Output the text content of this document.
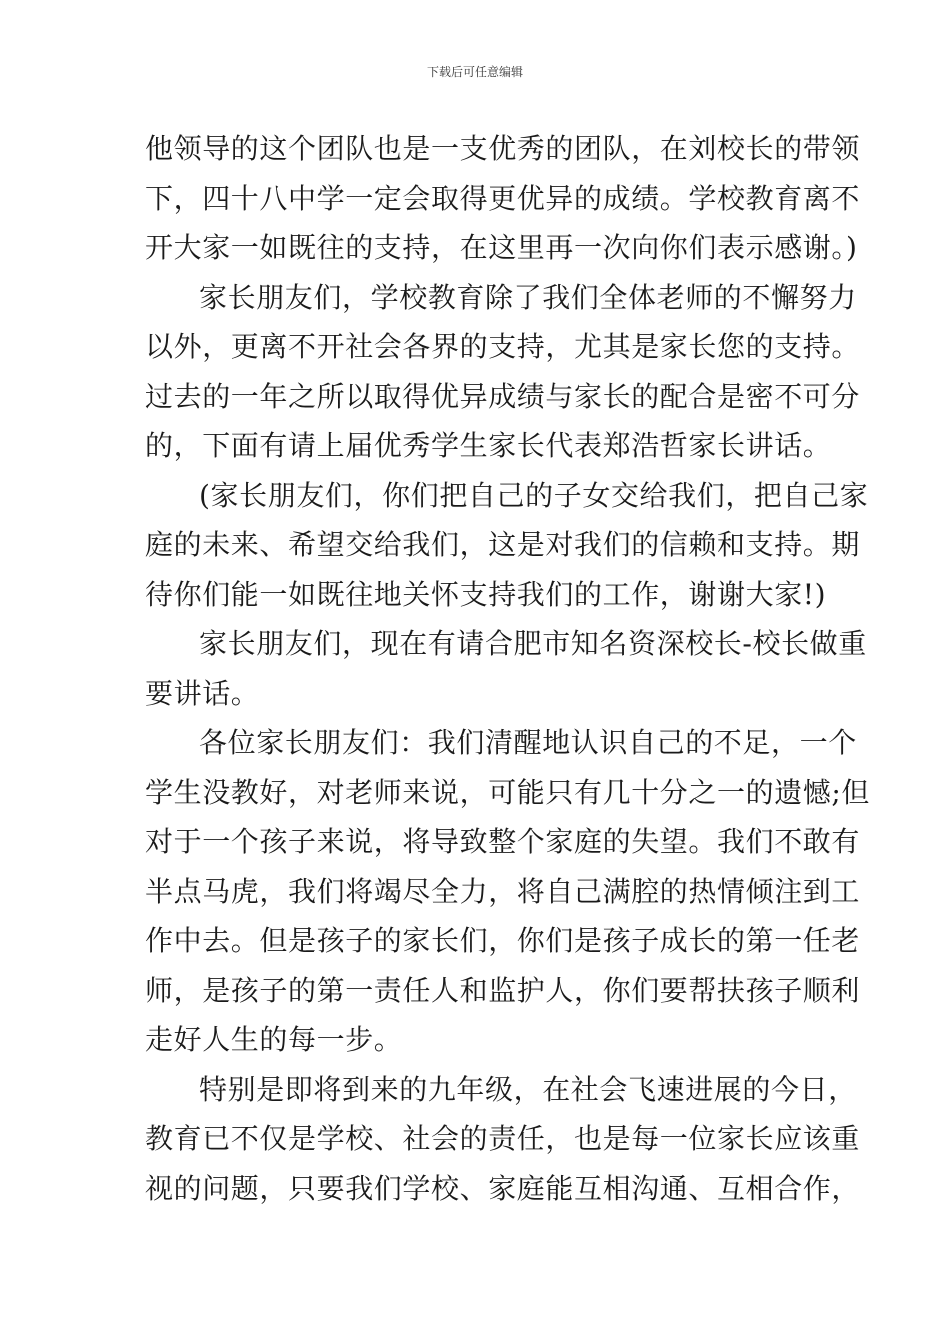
下载后可任意编辑
他领导的这个团队也是一支优秀的团队，在刘校长的带领
下，四十八中学一定会取得更优异的成绩。学校教育离不
开大家一如既往的支持，在这里再一次向你们表示感谢。)
家长朋友们，学校教育除了我们全体老师的不懈努力
以外，更离不开社会各界的支持，尤其是家长您的支持。
过去的一年之所以取得优异成绩与家长的配合是密不可分
的，下面有请上届优秀学生家长代表郑浩哲家长讲话。
(家长朋友们，你们把自己的子女交给我们，把自己家
庭的未来、希望交给我们，这是对我们的信赖和支持。期
待你们能一如既往地关怀支持我们的工作，谢谢大家!)
家长朋友们，现在有请合肥市知名资深校长-校长做重
要讲话。
各位家长朋友们：我们清醒地认识自己的不足，一个
学生没教好，对老师来说，可能只有几十分之一的遗憾;但
对于一个孩子来说，将导致整个家庭的失望。我们不敢有
半点马虎，我们将竭尽全力，将自己满腔的热情倾注到工
作中去。但是孩子的家长们，你们是孩子成长的第一任老
师，是孩子的第一责任人和监护人，你们要帮扶孩子顺利
走好人生的每一步。
特别是即将到来的九年级，在社会飞速进展的今日，
教育已不仅是学校、社会的责任，也是每一位家长应该重
视的问题，只要我们学校、家庭能互相沟通、互相合作，
